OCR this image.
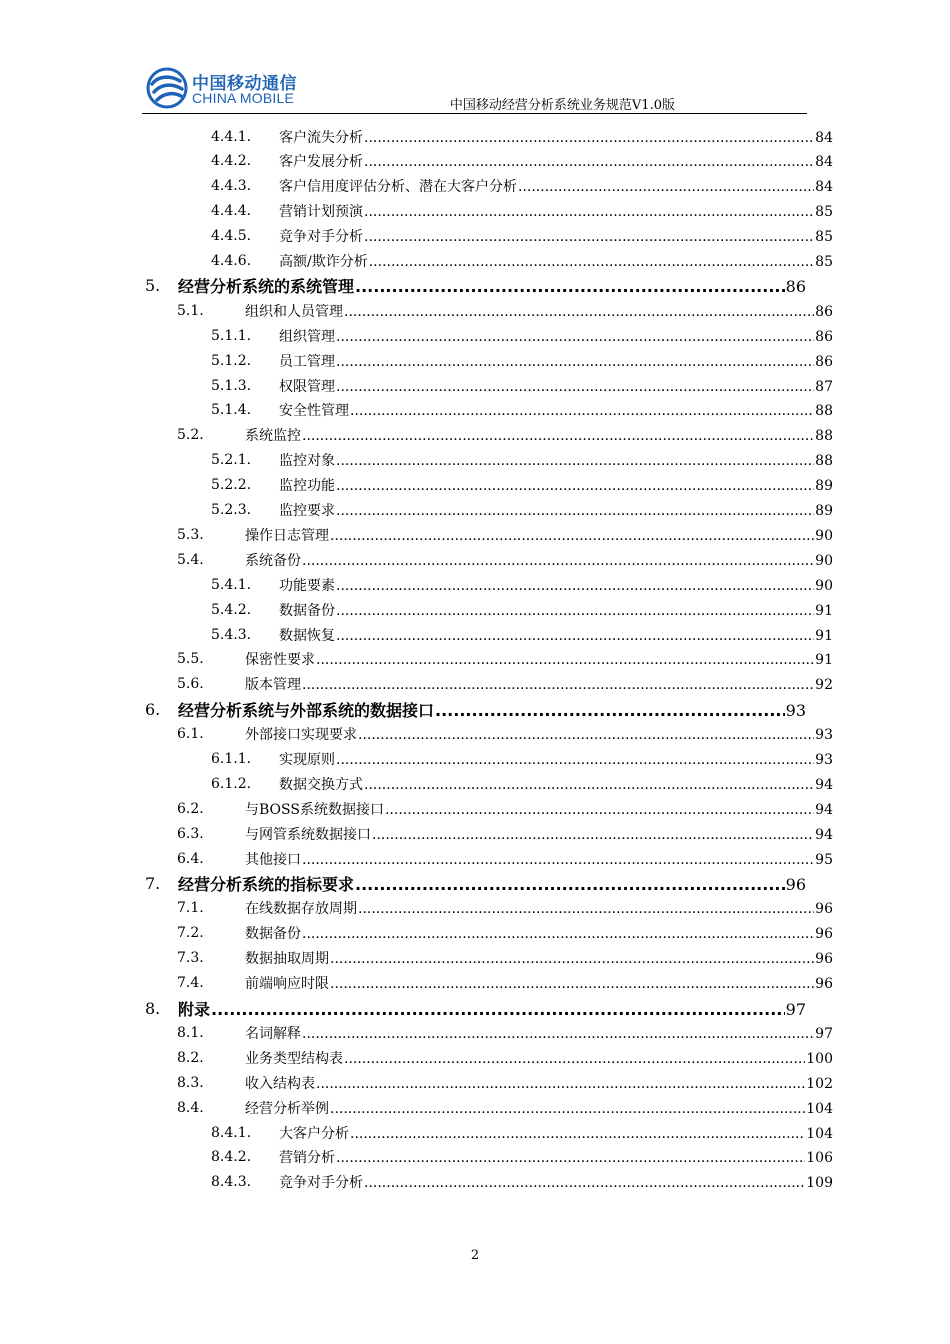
中国移动通信
CHINA MOBILE	中国移动经营分析系统业务规范V1.0版
4.4.1. 客户流失分析 .....	84
4.4.2. 客户发展分析 .....	84
4.4.3. 客户信用度评估分析、潜在大客户分析 .....	84
4.4.4. 营销计划预演 .....	85
4.4.5. 竞争对手分析 .....	85
4.4.6. 高额/欺诈分析 .....	85
5. 经营分析系统的系统管理 .....	86
5.1.	组织和人员管理 .....	86
5.1.1. 组织管理 .....	86
5.1.2. 员工管理 .....	86
5.1.3. 权限管理 .....	87
5.1.4. 安全性管理 .....	88
5.2.	系统监控 .....	88
5.2.1. 监控对象 .....	88
5.2.2. 监控功能 .....	89
5.2.3. 监控要求 .....	89
5.3.	操作日志管理 .....	90
5.4.	系统备份 .....	90
5.4.1. 功能要素 .....	90
5.4.2. 数据备份 .....	91
5.4.3. 数据恢复 .....	91
5.5.	保密性要求 .....	91
5.6.	版本管理 .....	92
6. 经营分析系统与外部系统的数据接口 .....	93
6.1.	外部接口实现要求 .....	93
6.1.1. 实现原则 .....	93
6.1.2. 数据交换方式 .....	94
6.2.	与BOSS系统数据接口 .....	94
6.3.	与网管系统数据接口 .....	94
6.4.	其他接口 .....	95
7. 经营分析系统的指标要求 .....	96
7.1.	在线数据存放周期 .....	96
7.2.	数据备份 .....	96
7.3.	数据抽取周期 .....	96
7.4.	前端响应时限 .....	96
8. 附录 .....	97
8.1.	名词解释 .....	97
8.2.	业务类型结构表 .....	100
8.3.	收入结构表 .....	102
8.4.	经营分析举例 .....	104
8.4.1. 大客户分析 .....	104
8.4.2. 营销分析 .....	106
8.4.3. 竞争对手分析 .....	109
2
